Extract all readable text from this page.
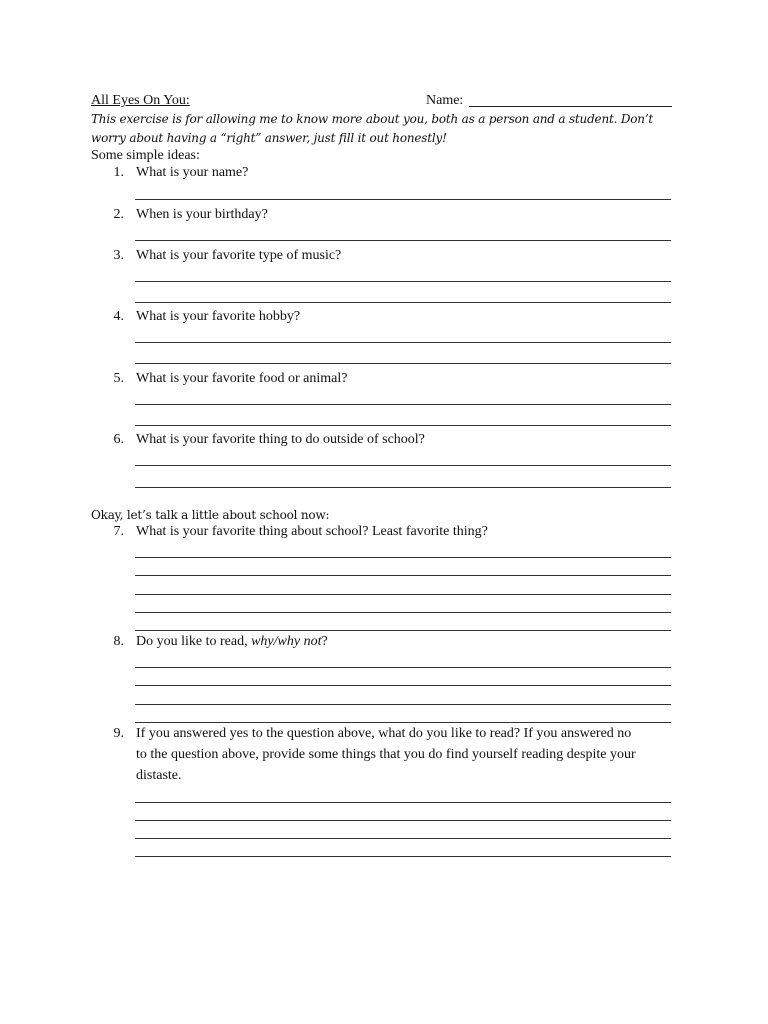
All Eyes On You:	Name:
This exercise is for allowing me to know more about you, both as a person and a student. Don’t
worry about having a “right” answer, just fill it out honestly!
Some simple ideas:
1. What is your name?
2. When is your birthday?
3. What is your favorite type of music?
4. What is your favorite hobby?
5. What is your favorite food or animal?
6. What is your favorite thing to do outside of school?
Okay, let’s talk a little about school now:
7. What is your favorite thing about school? Least favorite thing?
8. Do you like to read, why/why not?
9. If you answered yes to the question above, what do you like to read? If you answered no
to the question above, provide some things that you do find yourself reading despite your
distaste.
